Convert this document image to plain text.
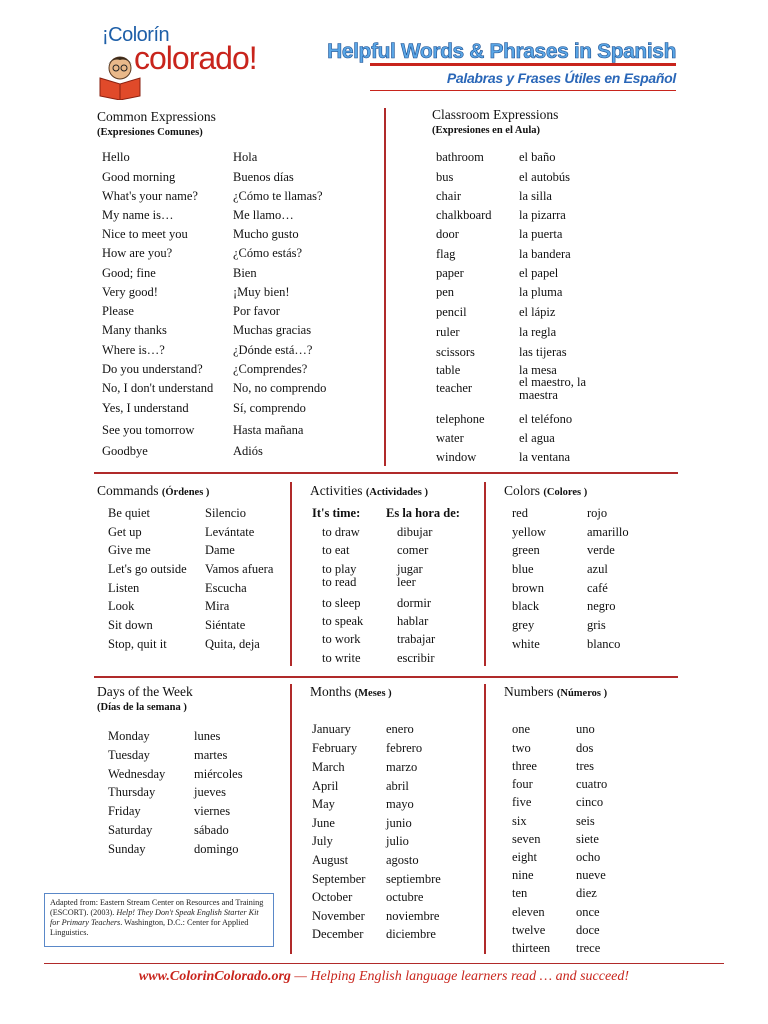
¡Colorín
colorado!	Helpful Words & Phrases in Spanish
Palabras y Frases Útiles en Español
Common Expressions
(Expresiones Comunes)
Classroom Expressions
(Expresiones en el Aula)
Commands (Órdenes )	Activities (Actividades )	Colors (Colores )
Days of the Week
(Días de la semana )
Months (Meses )	Numbers (Números )
It's time: Es la hora de:
Hello	Hola
Good morning	Buenos días
What's your name?	¿Cómo te llamas?
My name is…	Me llamo…
Nice to meet you	Mucho gusto
How are you?	¿Cómo estás?
Good; fine	Bien
Very good!	¡Muy bien!
Please	Por favor
Many thanks	Muchas gracias
Where is…?	¿Dónde está…?
Do you understand? ¿Comprendes?
No, I don't understand No, no comprendo
Yes, I understand	Sí, comprendo
See you tomorrow	Hasta mañana
Goodbye	Adiós
bathroom	el baño
bus	el autobús
chair	la silla
chalkboard la pizarra
door	la puerta
flag	la bandera
paper	el papel
pen	la pluma
pencil	el lápiz
ruler	la regla
scissors	las tijeras
table	la mesa
teacher	el maestro, la maestra
telephone	el teléfono
water	el agua
window	la ventana
Be quiet	Silencio
Get up	Levántate
Give me	Dame
Let's go outside Vamos afuera
Listen	Escucha
Look	Mira
Sit down	Siéntate
Stop, quit it	Quita, deja
to draw	dibujar
to eat	comer
to play	jugar
to read	leer
to sleep	dormir
to speak	hablar
to work	trabajar
to write	escribir
red	rojo
yellow	amarillo
green	verde
blue	azul
brown	café
black	negro
grey	gris
white	blanco
Monday	lunes
Tuesday	martes
Wednesday miércoles
Thursday	jueves
Friday	viernes
Saturday	sábado
Sunday	domingo
January	enero
February febrero
March	marzo
April	abril
May	mayo
June	junio
July	julio
August	agosto
September septiembre
October	octubre
November noviembre
December diciembre
one	uno
two	dos
three	tres
four	cuatro
five	cinco
six	seis
seven	siete
eight	ocho
nine	nueve
ten	diez
eleven	once
twelve doce
thirteen trece
Adapted from: Eastern Stream Center on Resources and Training (ESCORT). (2003). Help! They Don't Speak English Starter Kit for Primary Teachers. Washington, D.C.: Center for Applied Linguistics.
www.ColorinColorado.org — Helping English language learners read … and succeed!
